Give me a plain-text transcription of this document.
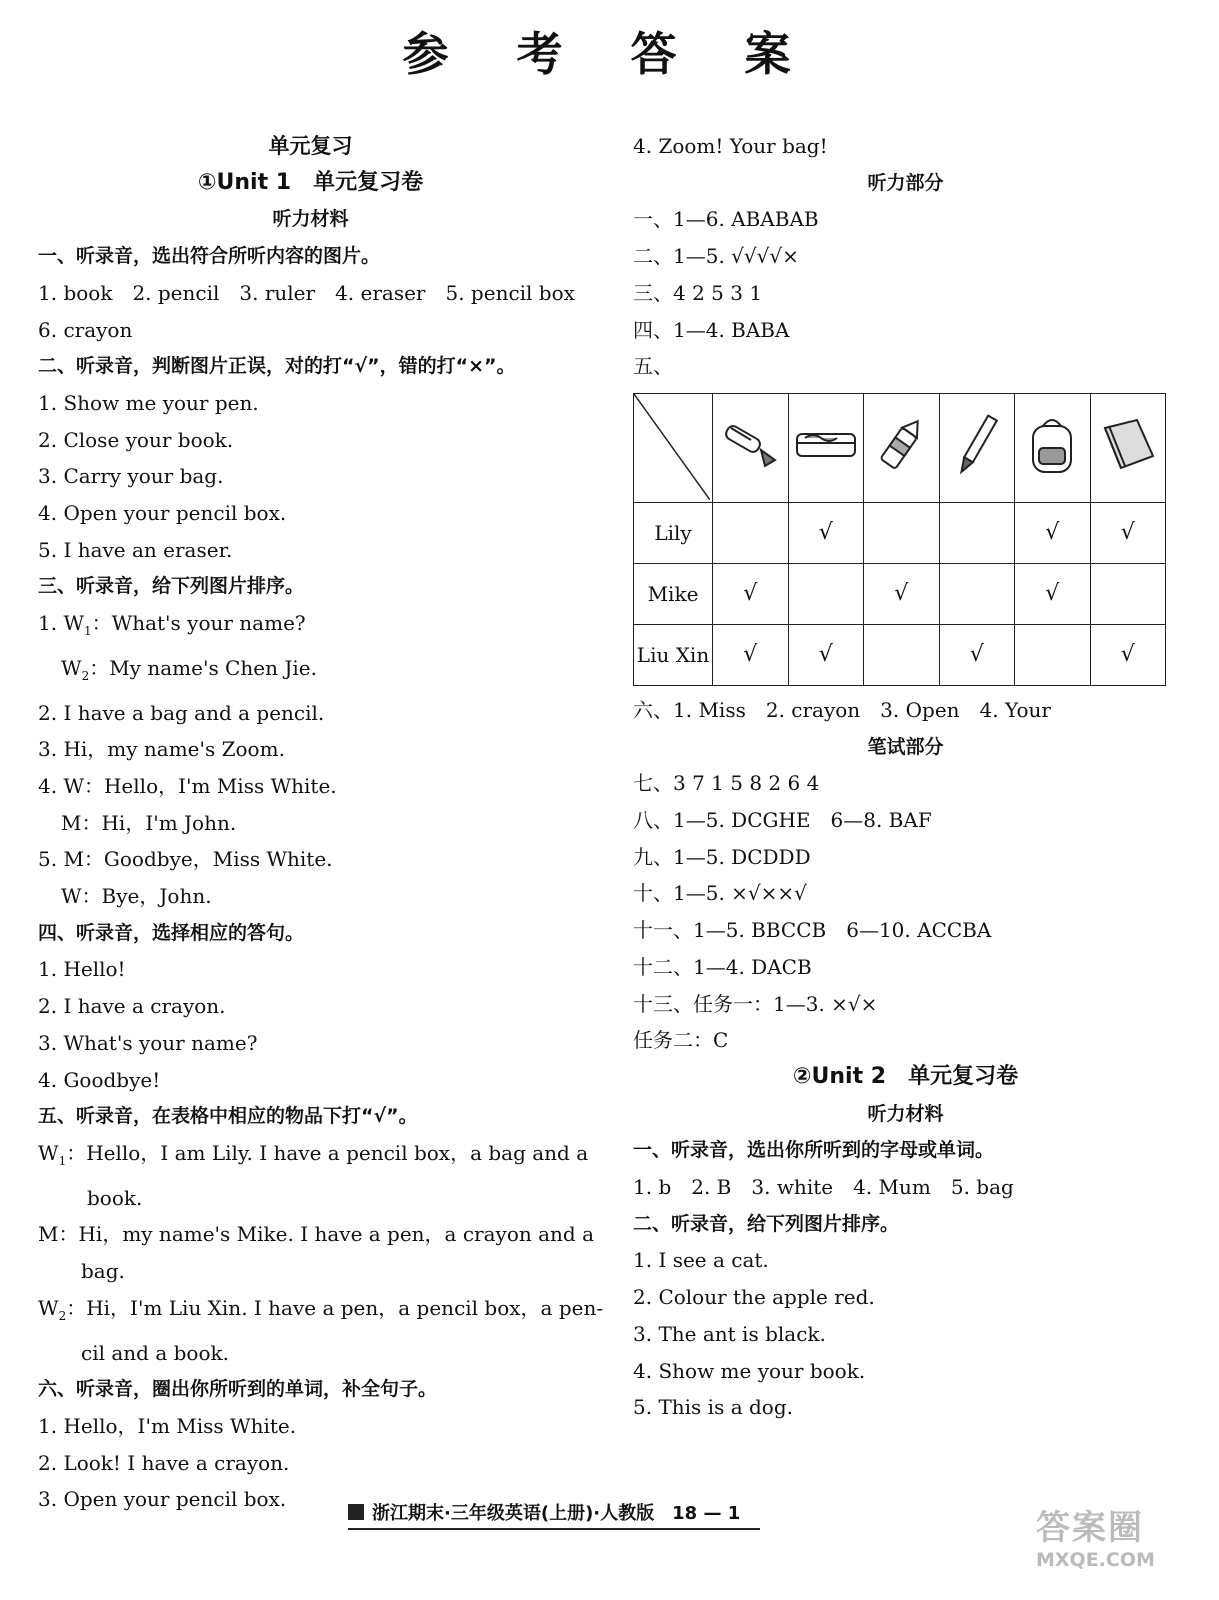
参 考 答 案
单元复习
①Unit 1　单元复习卷
听力材料
一、听录音，选出符合所听内容的图片。
1. book　2. pencil　3. ruler　4. eraser　5. pencil box
6. crayon
二、听录音，判断图片正误，对的打“√”，错的打“×”。
1. Show me your pen.
2. Close your book.
3. Carry your bag.
4. Open your pencil box.
5. I have an eraser.
三、听录音，给下列图片排序。
1. $W_1$：What's your name?
$W_2$：My name's Chen Jie.
2. I have a bag and a pencil.
3. Hi，my name's Zoom.
4. W：Hello，I'm Miss White.
M：Hi，I'm John.
5. M：Goodbye，Miss White.
W：Bye，John.
四、听录音，选择相应的答句。
1. Hello!
2. I have a crayon.
3. What's your name?
4. Goodbye!
五、听录音，在表格中相应的物品下打“√”。
$W_1$：Hello，I am Lily. I have a pencil box，a bag and a
book.
M：Hi，my name's Mike. I have a pen，a crayon and a
bag.
$W_2$：Hi，I'm Liu Xin. I have a pen，a pencil box，a pen-
cil and a book.
六、听录音，圈出你所听到的单词，补全句子。
1. Hello，I'm Miss White.
2. Look! I have a crayon.
3. Open your pencil box.
4. Zoom! Your bag!
听力部分
一、1—6. ABABAB
二、1—5. √√√√×
三、4 2 5 3 1
四、1—4. BABA
五、

Lily		√			√	√
Mike	√		√		√	
Liu Xin	√	√		√		√
六、1. Miss　2. crayon　3. Open　4. Your
笔试部分
七、3 7 1 5 8 2 6 4
八、1—5. DCGHE　6—8. BAF
九、1—5. DCDDD
十、1—5. ×√××√
十一、1—5. BBCCB　6—10. ACCBA
十二、1—4. DACB
十三、任务一：1—3. ×√×
任务二：C
②Unit 2　单元复习卷
听力材料
一、听录音，选出你所听到的字母或单词。
1. b　2. B　3. white　4. Mum　5. bag
二、听录音，给下列图片排序。
1. I see a cat.
2. Colour the apple red.
3. The ant is black.
4. Show me your book.
5. This is a dog.
浙江期末·三年级英语(上册)·人教版　18 — 1	答案圈
MXQE.COM
